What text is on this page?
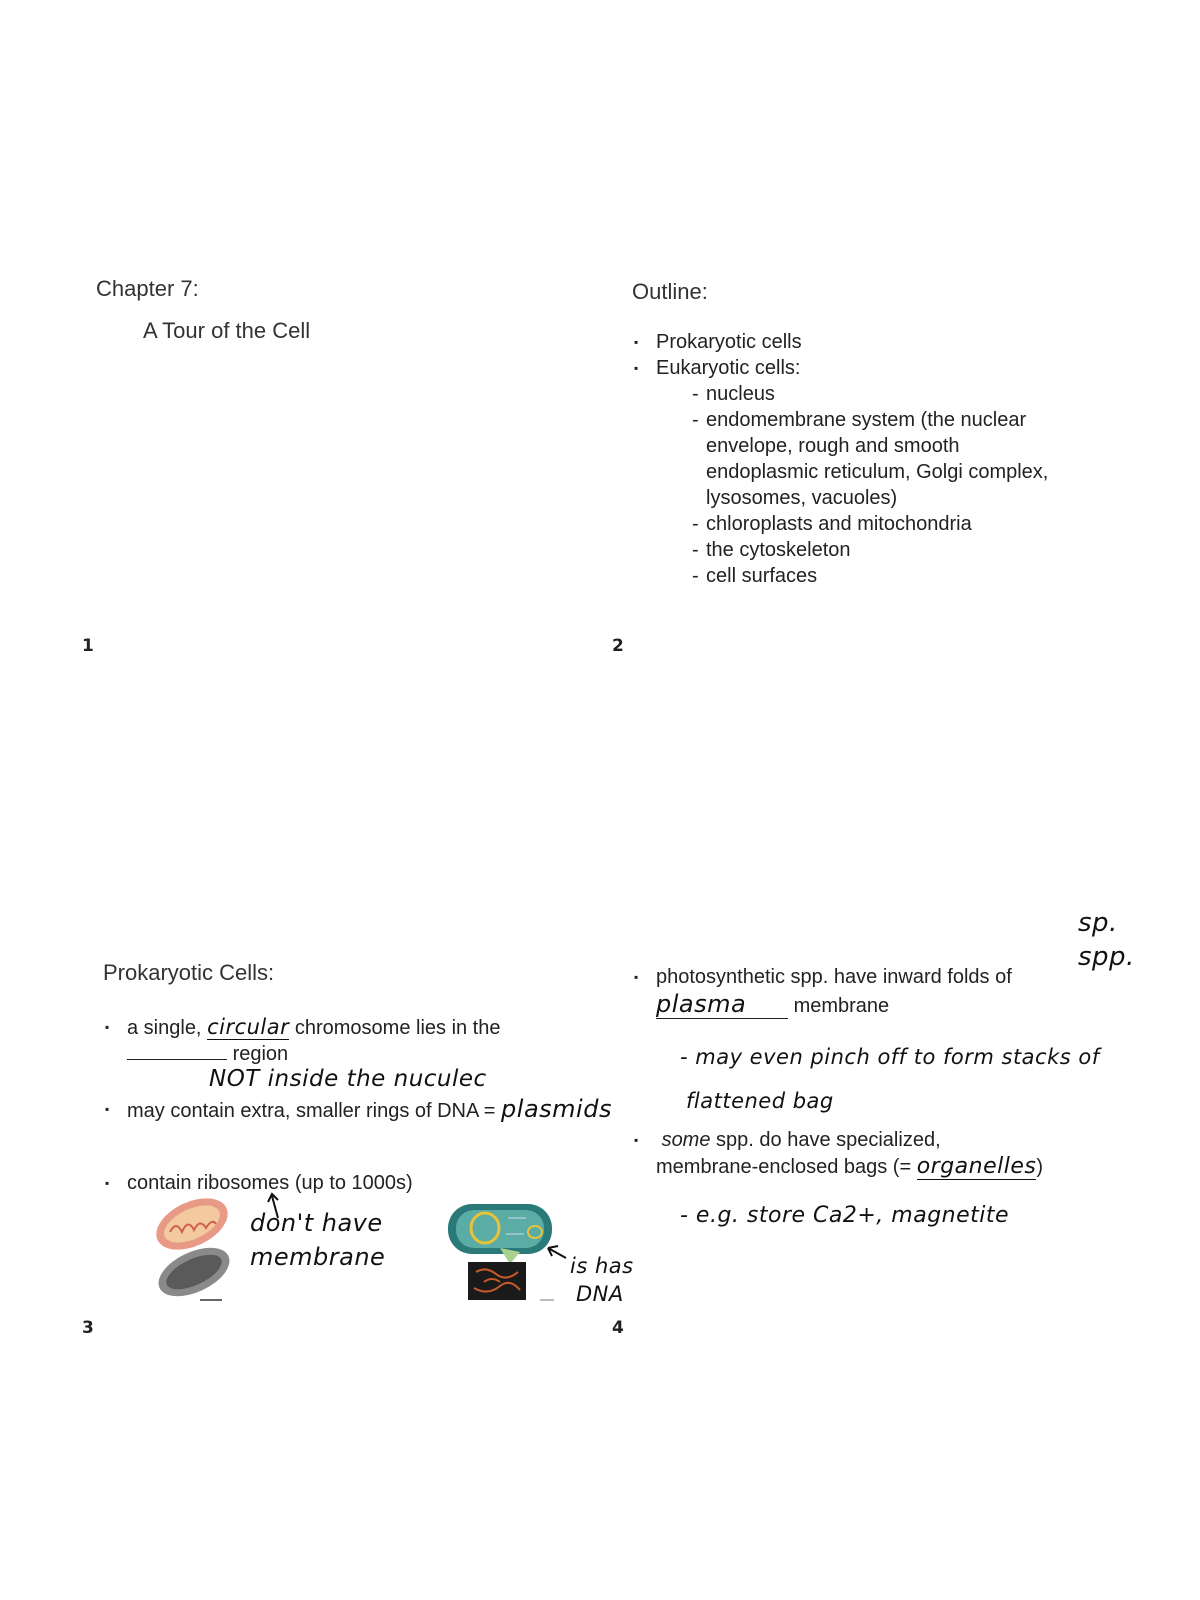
1	2
3	4
Chapter 7:
A Tour of the Cell
Outline:
▪ Prokaryotic cells
▪ Eukaryotic cells:
- nucleus
- endomembrane system (the nuclear
envelope, rough and smooth
endoplasmic reticulum, Golgi complex,
lysosomes, vacuoles)
- chloroplasts and mitochondria
- the cytoskeleton
- cell surfaces
Prokaryotic Cells:
▪ a single, circular chromosome lies in the
region
NOT inside the nuculec
▪ may contain extra, smaller rings of DNA = plasmids
▪ contain ribosomes (up to 1000s)
don't have
membrane	is has
DNA
sp.
spp.
▪ photosynthetic spp. have inward folds of
plasma membrane
- may even pinch off to form stacks of
flattened bag
▪ some spp. do have specialized,
membrane-enclosed bags (= organelles)
- e.g. store Ca2+, magnetite
